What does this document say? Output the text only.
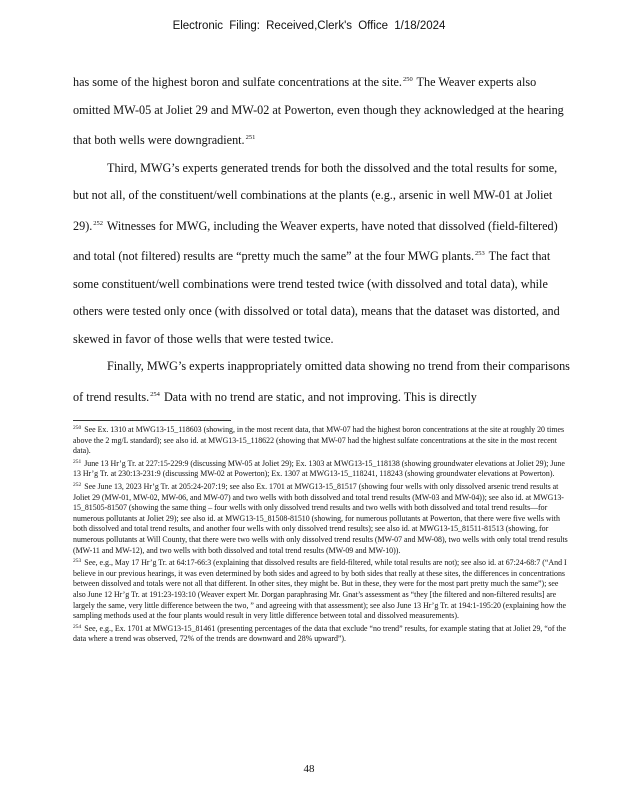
Electronic Filing: Received,Clerk's Office 1/18/2024

has some of the highest boron and sulfate concentrations at the site.$^{250}$ The Weaver experts also omitted MW-05 at Joliet 29 and MW-02 at Powerton, even though they acknowledged at the hearing that both wells were downgradient.$^{251}$

Third, MWG’s experts generated trends for both the dissolved and the total results for some, but not all, of the constituent/well combinations at the plants (e.g., arsenic in well MW-01 at Joliet 29).$^{252}$ Witnesses for MWG, including the Weaver experts, have noted that dissolved (field-filtered) and total (not filtered) results are “pretty much the same” at the four MWG plants.$^{253}$ The fact that some constituent/well combinations were trend tested twice (with dissolved and total data), while others were tested only once (with dissolved or total data), means that the dataset was distorted, and skewed in favor of those wells that were tested twice.

Finally, MWG’s experts inappropriately omitted data showing no trend from their comparisons of trend results.$^{254}$ Data with no trend are static, and not improving. This is directly

$^{250}$ See Ex. 1310 at MWG13-15_118603 (showing, in the most recent data, that MW-07 had the highest boron concentrations at the site at roughly 20 times above the 2 mg/L standard); see also id. at MWG13-15_118622 (showing that MW-07 had the highest sulfate concentrations at the site in the most recent data).

$^{251}$ June 13 Hr’g Tr. at 227:15-229:9 (discussing MW-05 at Joliet 29); Ex. 1303 at MWG13-15_118138 (showing groundwater elevations at Joliet 29); June 13 Hr’g Tr. at 230:13-231:9 (discussing MW-02 at Powerton); Ex. 1307 at MWG13-15_118241, 118243 (showing groundwater elevations at Powerton).

$^{252}$ See June 13, 2023 Hr’g Tr. at 205:24-207:19; see also Ex. 1701 at MWG13-15_81517 (showing four wells with only dissolved arsenic trend results at Joliet 29 (MW-01, MW-02, MW-06, and MW-07) and two wells with both dissolved and total trend results (MW-03 and MW-04)); see also id. at MWG13-15_81505-81507 (showing the same thing – four wells with only dissolved trend results and two wells with both dissolved and total trend results—for numerous pollutants at Joliet 29); see also id. at MWG13-15_81508-81510 (showing, for numerous pollutants at Powerton, that there were five wells with both dissolved and total trend results, and another four wells with only dissolved trend results); see also id. at MWG13-15_81511-81513 (showing, for numerous pollutants at Will County, that there were two wells with only dissolved trend results (MW-07 and MW-08), two wells with only total trend results (MW-11 and MW-12), and two wells with both dissolved and total trend results (MW-09 and MW-10)).

$^{253}$ See, e.g., May 17 Hr’g Tr. at 64:17-66:3 (explaining that dissolved results are field-filtered, while total results are not); see also id. at 67:24-68:7 (“And I believe in our previous hearings, it was even determined by both sides and agreed to by both sides that really at these sites, the differences in concentrations between dissolved and totals were not all that different. In other sites, they might be. But in these, they were for the most part pretty much the same”); see also June 12 Hr’g Tr. at 191:23-193:10 (Weaver expert Mr. Dorgan paraphrasing Mr. Gnat’s assessment as “they [the filtered and non-filtered results] are largely the same, very little difference between the two, ” and agreeing with that assessment); see also June 13 Hr’g Tr. at 194:1-195:20 (explaining how the sampling methods used at the four plants would result in very little difference between total and dissolved measurements).

$^{254}$ See, e.g., Ex. 1701 at MWG13-15_81461 (presenting percentages of the data that exclude “no trend” results, for example stating that at Joliet 29, “of the data where a trend was observed, 72% of the trends are downward and 28% upward”).

48
